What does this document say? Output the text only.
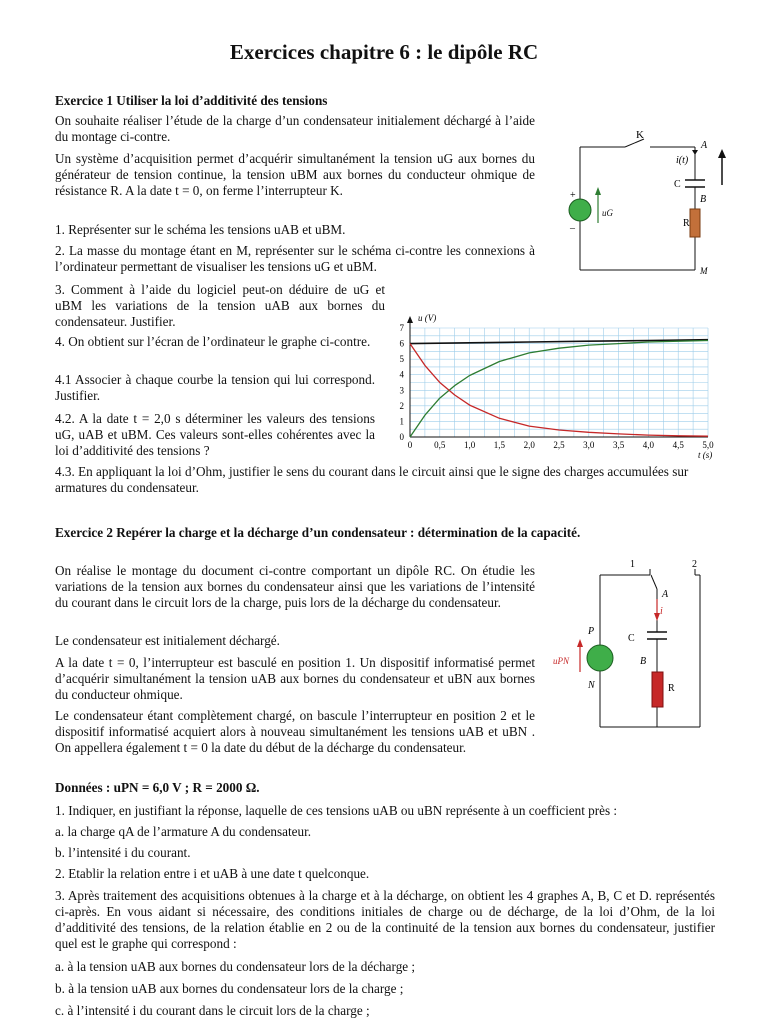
Exercices chapitre 6 : le dipôle RC
Exercice 1 Utiliser la loi d’additivité des tensions
On souhaite réaliser l’étude de la charge d’un condensateur initialement déchargé à l’aide du montage ci-contre.
Un système d’acquisition permet d’acquérir simultanément la tension uG aux bornes du générateur de tension continue, la tension uBM aux bornes du conducteur ohmique de résistance R. A la date t = 0, on ferme l’interrupteur K.
1. Représenter sur le schéma les tensions uAB et uBM.
2. La masse du montage étant en M, représenter sur le schéma ci-contre les connexions à l’ordinateur permettant de visualiser les tensions uG et uBM.
3. Comment à l’aide du logiciel peut-on déduire de uG et uBM les variations de la tension uAB aux bornes du condensateur. Justifier.
4. On obtient sur l’écran de l’ordinateur le graphe ci-contre.
4.1 Associer à chaque courbe la tension qui lui correspond. Justifier.
4.2. A la date t = 2,0 s déterminer les valeurs des tensions uG, uAB et uBM. Ces valeurs sont-elles cohérentes avec la loi d’additivité des tensions ?
4.3. En appliquant la loi d’Ohm, justifier le sens du courant dans le circuit ainsi que le signe des charges accumulées sur armatures du condensateur.
K
A
i(t)
C
B
R
M
uG
+
–
0 0,5 1,0 1,5 2,0 2,5 3,0 3,5 4,0 4,5 5,0
0
1
2
3
4
5
6
7
u (V)
t (s)
Exercice 2 Repérer la charge et la décharge d’un condensateur : détermination de la capacité.
On réalise le montage du document ci-contre comportant un dipôle RC. On étudie les variations de la tension aux bornes du condensateur ainsi que les variations de l’intensité du courant dans le circuit lors de la charge, puis lors de la décharge du condensateur.
Le condensateur est initialement déchargé.
A la date t = 0, l’interrupteur est basculé en position 1. Un dispositif informatisé permet d’acquérir simultanément la tension uAB aux bornes du condensateur et uBN aux bornes du conducteur ohmique.
Le condensateur étant complètement chargé, on bascule l’interrupteur en position 2 et le dispositif informatisé acquiert alors à nouveau simultanément les tensions uAB et uBN . On appellera également t = 0 la date du début de la décharge du condensateur.
Données : uPN = 6,0 V ; R = 2000 Ω.
1. Indiquer, en justifiant la réponse, laquelle de ces tensions uAB ou uBN représente à un coefficient près :
a. la charge qA de l’armature A du condensateur.
b. l’intensité i du courant.
2. Etablir la relation entre i et uAB à une date t quelconque.
3. Après traitement des acquisitions obtenues à la charge et à la décharge, on obtient les 4 graphes A, B, C et D. représentés ci-après. En vous aidant si nécessaire, des conditions initiales de charge ou de décharge, de la loi d’Ohm, de la loi d’additivité des tensions, de la relation établie en 2 ou de la continuité de la tension aux bornes du condensateur, justifier quel est le graphe qui correspond :
a. à la tension uAB aux bornes du condensateur lors de la décharge ;
b. à la tension uAB aux bornes du condensateur lors de la charge ;
c. à l’intensité i du courant dans le circuit lors de la charge ;
1	2
A
i
C
P
B
N
uPN
R
